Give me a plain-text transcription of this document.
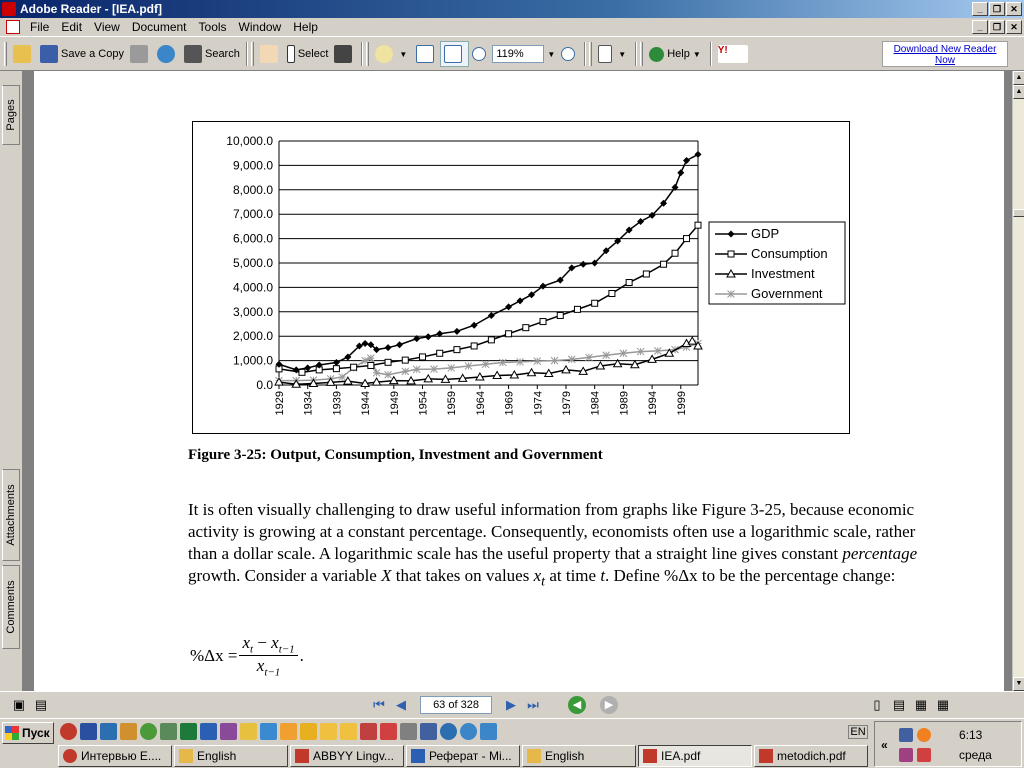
Adobe Reader - [IEA.pdf]	_	❐	✕
File	Edit	View	Document	Tools	Window	Help	_	❐	✕
Save a Copy	Search	Select	▼	119%	▼	▼	Help ▼ Y!	Download New Reader Now
Pages
Attachments
Comments
10,000.0
9,000.0
8,000.0
7,000.0
6,000.0
5,000.0
4,000.0
3,000.0
2,000.0
1,000.0
0.0
1929 1934 1939 1944 1949 1954 1959 1964 1969 1974 1979 1984 1989 1994 1999
GDP
Consumption
Investment
Government
Figure 3-25: Output, Consumption, Investment and Government
It is often visually challenging to draw useful information from graphs like Figure 3-25, because economic activity is growing at a constant percentage. Consequently, economists often use a logarithmic scale, rather than a dollar scale. A logarithmic scale has the useful property that a straight line gives constant percentage growth. Consider a variable X that takes on values $x_t$ at time t. Define %Δx to be the percentage change:
$\%\Delta x = \frac{x_t - x_{t-1}}{x_{t-1}}$ .
▲
▲
▼
▣ ▤	⏮ ◀	63 of 328	▶ ⏭	◀	▶	▯ ▤ ▦ ▦
Пуск	EN
Интервью Е....	English	ABBYY Lingv...	Реферат - Mi...	English	IEA.pdf	metodich.pdf
«
6:13
среда
